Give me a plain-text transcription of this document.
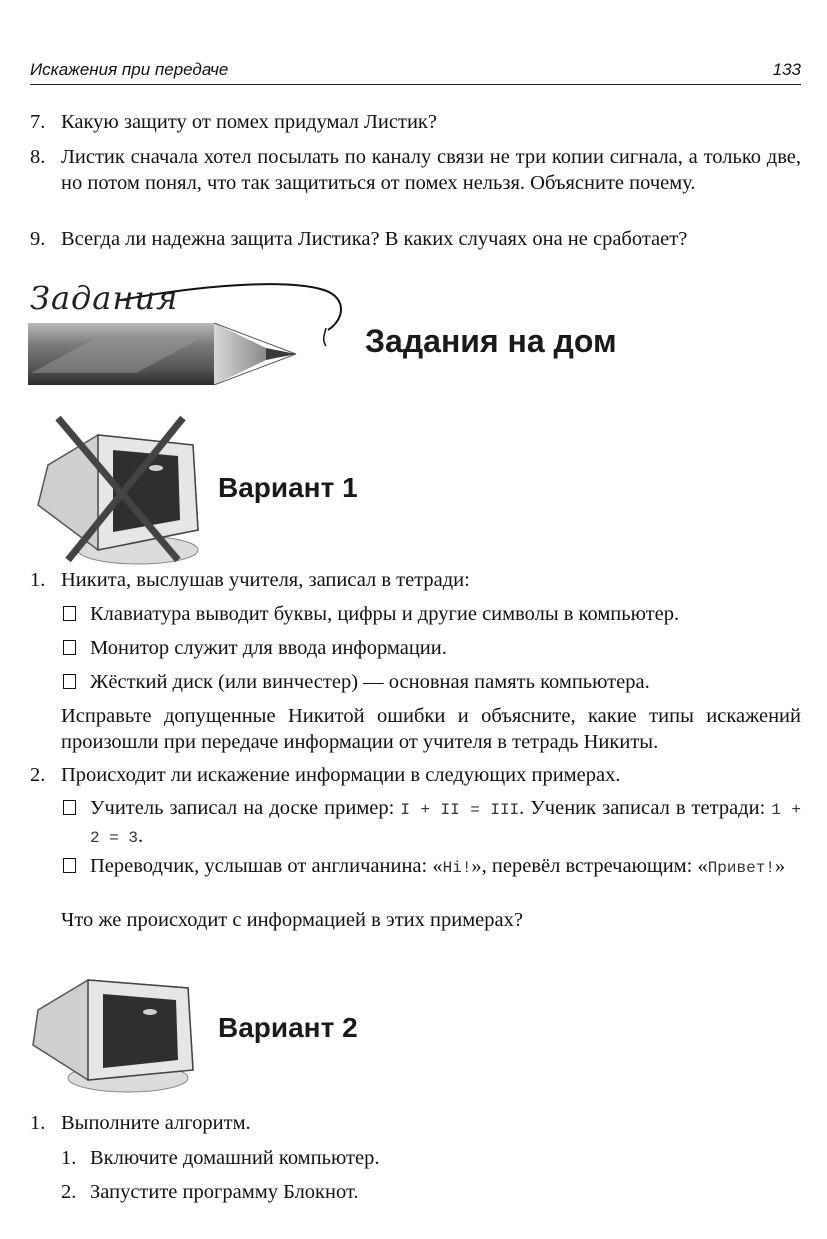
Искажения при передаче	133
7. Какую защиту от помех придумал Листик?
8. Листик сначала хотел посылать по каналу связи не три копии сигнала, а только две, но потом понял, что так защититься от помех нельзя. Объясните почему.
9. Всегда ли надежна защита Листика? В каких случаях она не сработает?
Задания
Задания на дом
Вариант 1
1. Никита, выслушав учителя, записал в тетради:
Клавиатура выводит буквы, цифры и другие символы в компьютер.
Монитор служит для ввода информации.
Жёсткий диск (или винчестер) — основная память компьютера.
Исправьте допущенные Никитой ошибки и объясните, какие типы искажений произошли при передаче информации от учителя в тетрадь Никиты.
2. Происходит ли искажение информации в следующих примерах.
Учитель записал на доске пример: I + II = III. Ученик записал в тетради: 1 + 2 = 3.
Переводчик, услышав от англичанина: «Hi!», перевёл встречающим: «Привет!»
Что же происходит с информацией в этих примерах?
Вариант 2
1. Выполните алгоритм.
1. Включите домашний компьютер.
2. Запустите программу Блокнот.
